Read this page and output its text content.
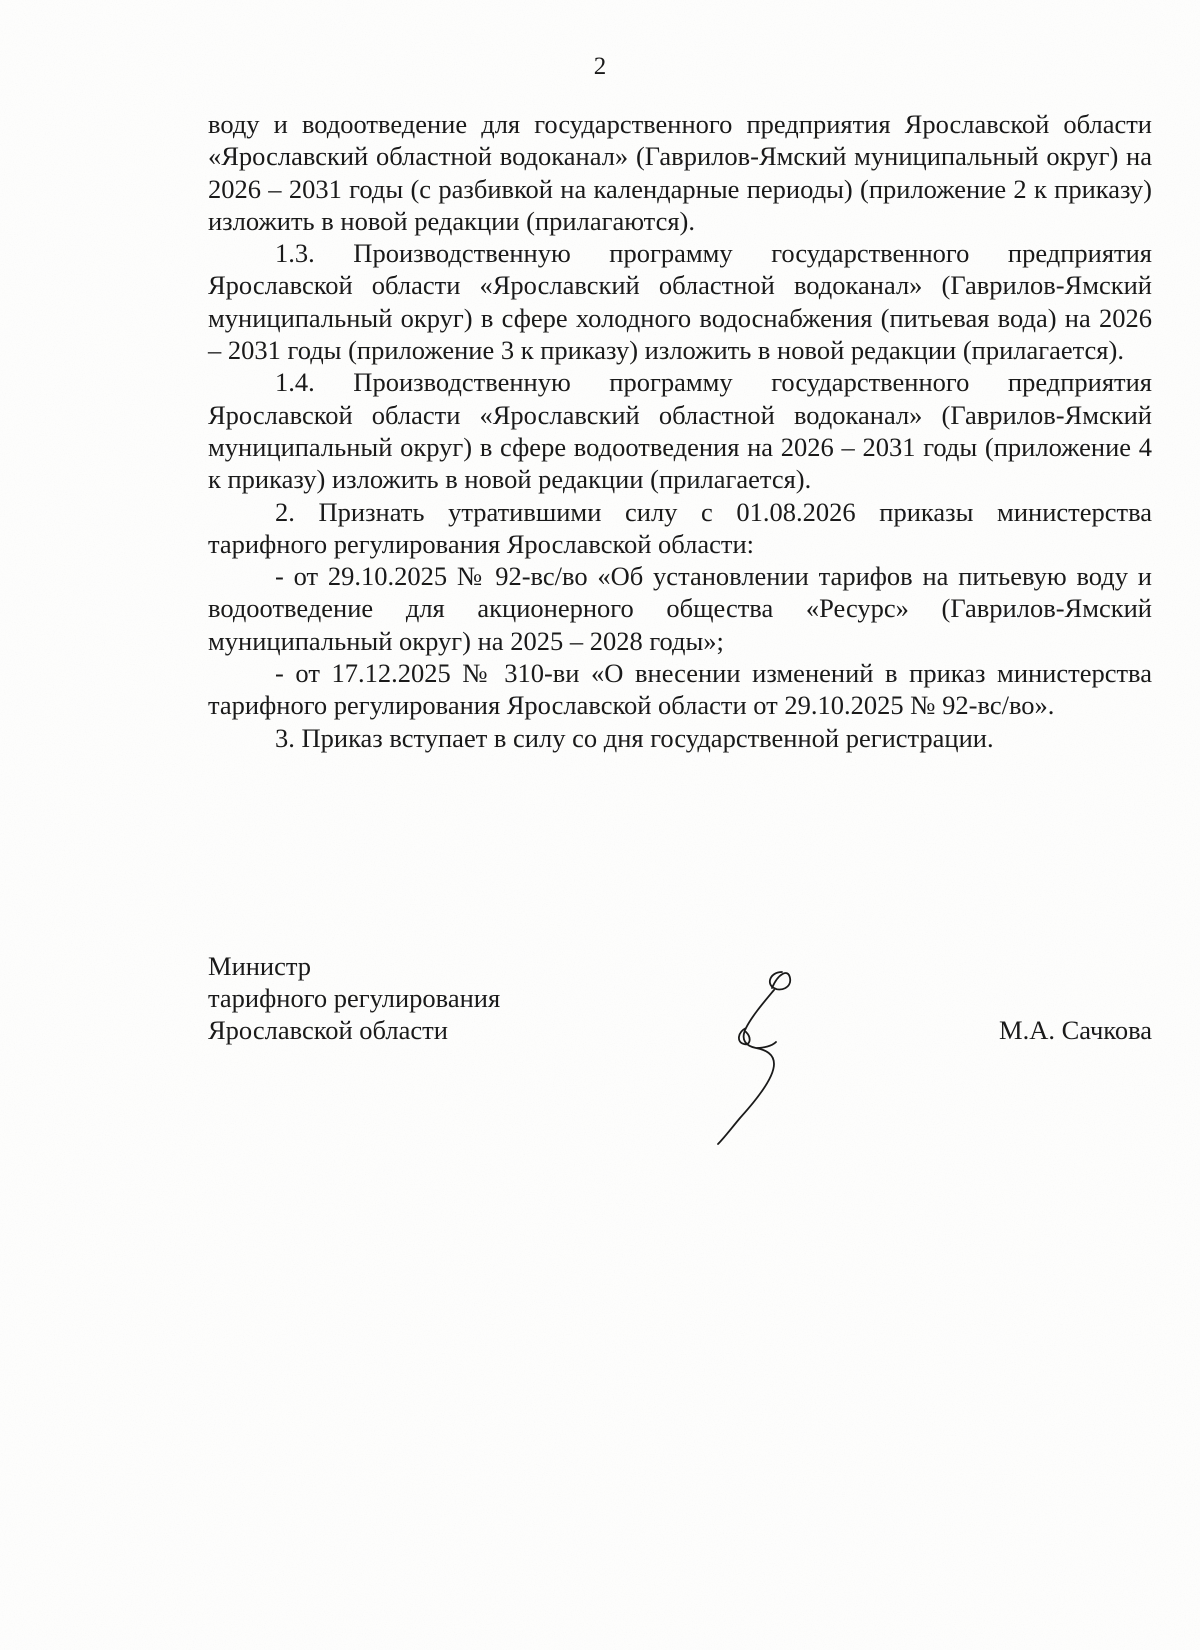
2

воду и водоотведение для государственного предприятия Ярославской области «Ярославский областной водоканал» (Гаврилов-Ямский муниципальный округ) на 2026 – 2031 годы (с разбивкой на календарные периоды) (приложение 2 к приказу) изложить в новой редакции (прилагаются).

1.3. Производственную программу государственного предприятия Ярославской области «Ярославский областной водоканал» (Гаврилов-Ямский муниципальный округ) в сфере холодного водоснабжения (питьевая вода) на 2026 – 2031 годы (приложение 3 к приказу) изложить в новой редакции (прилагается).

1.4. Производственную программу государственного предприятия Ярославской области «Ярославский областной водоканал» (Гаврилов-Ямский муниципальный округ) в сфере водоотведения на 2026 – 2031 годы (приложение 4 к приказу) изложить в новой редакции (прилагается).

2. Признать утратившими силу с 01.08.2026 приказы министерства тарифного регулирования Ярославской области:

- от 29.10.2025 № 92-вс/во «Об установлении тарифов на питьевую воду и водоотведение для акционерного общества «Ресурс» (Гаврилов-Ямский муниципальный округ) на 2025 – 2028 годы»;

- от 17.12.2025 № 310-ви «О внесении изменений в приказ министерства тарифного регулирования Ярославской области от 29.10.2025 № 92-вс/во».

3. Приказ вступает в силу со дня государственной регистрации.

Министр
тарифного регулирования
Ярославской области	М.А. Сачкова
